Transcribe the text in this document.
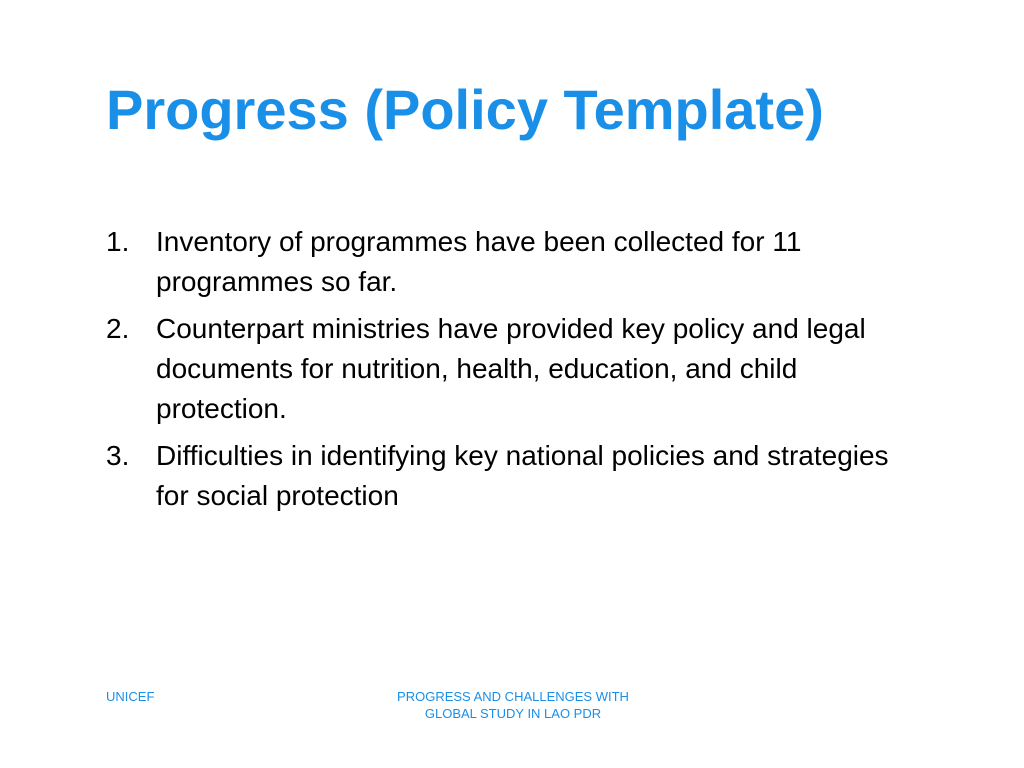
Progress (Policy Template)
1. Inventory of programmes have been collected for 11 programmes so far.
2. Counterpart ministries have provided key policy and legal documents for nutrition, health, education, and child protection.
3. Difficulties in identifying key national policies and strategies for social protection
UNICEF	PROGRESS AND CHALLENGES WITH
GLOBAL STUDY IN LAO PDR
